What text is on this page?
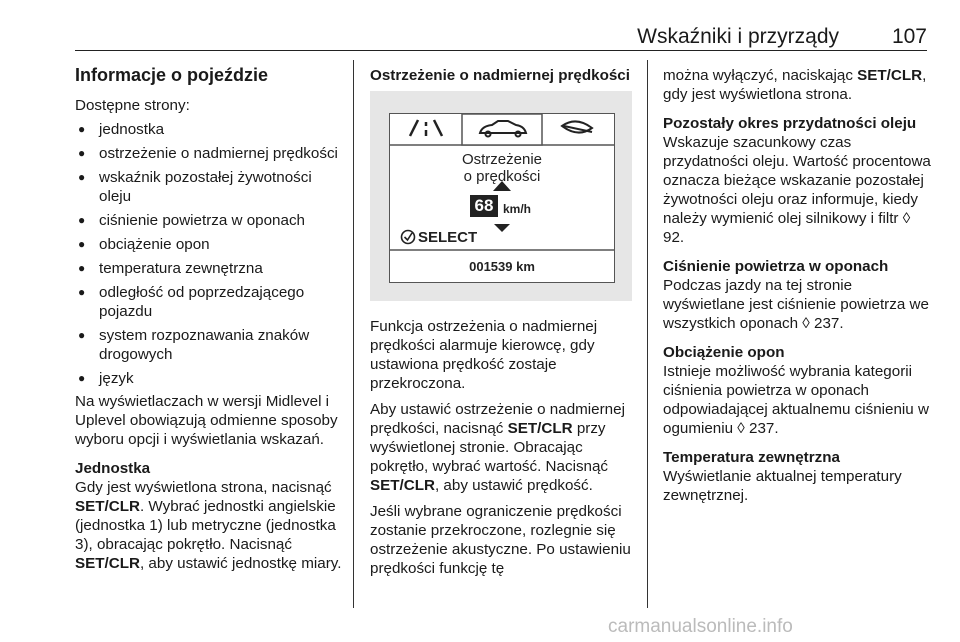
Wskaźniki i przyrządy	107
Informacje o pojeździe

Dostępne strony:

● jednostka
● ostrzeżenie o nadmiernej prędkości
● wskaźnik pozostałej żywotności oleju
● ciśnienie powietrza w oponach
● obciążenie opon
● temperatura zewnętrzna
● odległość od poprzedzającego pojazdu
● system rozpoznawania znaków drogowych
● język

Na wyświetlaczach w wersji Midlevel i Uplevel obowiązują odmienne sposoby wyboru opcji i wyświetlania wskazań.

Jednostka

Gdy jest wyświetlona strona, nacisnąć SET/CLR. Wybrać jednostki angielskie (jednostka 1) lub metryczne (jednostka 3), obracając pokrętło. Nacisnąć SET/CLR, aby ustawić jednostkę miary.

Ostrzeżenie o nadmiernej prędkości
Ostrzeżenie
o prędkości
68 km/h
SELECT
001539 km

Funkcja ostrzeżenia o nadmiernej prędkości alarmuje kierowcę, gdy ustawiona prędkość zostaje przekroczona.

Aby ustawić ostrzeżenie o nadmiernej prędkości, nacisnąć SET/CLR przy wyświetlonej stronie. Obracając pokrętło, wybrać wartość. Nacisnąć SET/CLR, aby ustawić prędkość.

Jeśli wybrane ograniczenie prędkości zostanie przekroczone, rozlegnie się ostrzeżenie akustyczne. Po ustawieniu prędkości funkcję tę

można wyłączyć, naciskając SET/CLR, gdy jest wyświetlona strona.

Pozostały okres przydatności oleju

Wskazuje szacunkowy czas przydatności oleju. Wartość procentowa oznacza bieżące wskazanie pozostałej żywotności oleju oraz informuje, kiedy należy wymienić olej silnikowy i filtr ◊ 92.

Ciśnienie powietrza w oponach

Podczas jazdy na tej stronie wyświetlane jest ciśnienie powietrza we wszystkich oponach ◊ 237.

Obciążenie opon

Istnieje możliwość wybrania kategorii ciśnienia powietrza w oponach odpowiadającej aktualnemu ciśnieniu w ogumieniu ◊ 237.

Temperatura zewnętrzna

Wyświetlanie aktualnej temperatury zewnętrznej.

carmanualsonline.info
